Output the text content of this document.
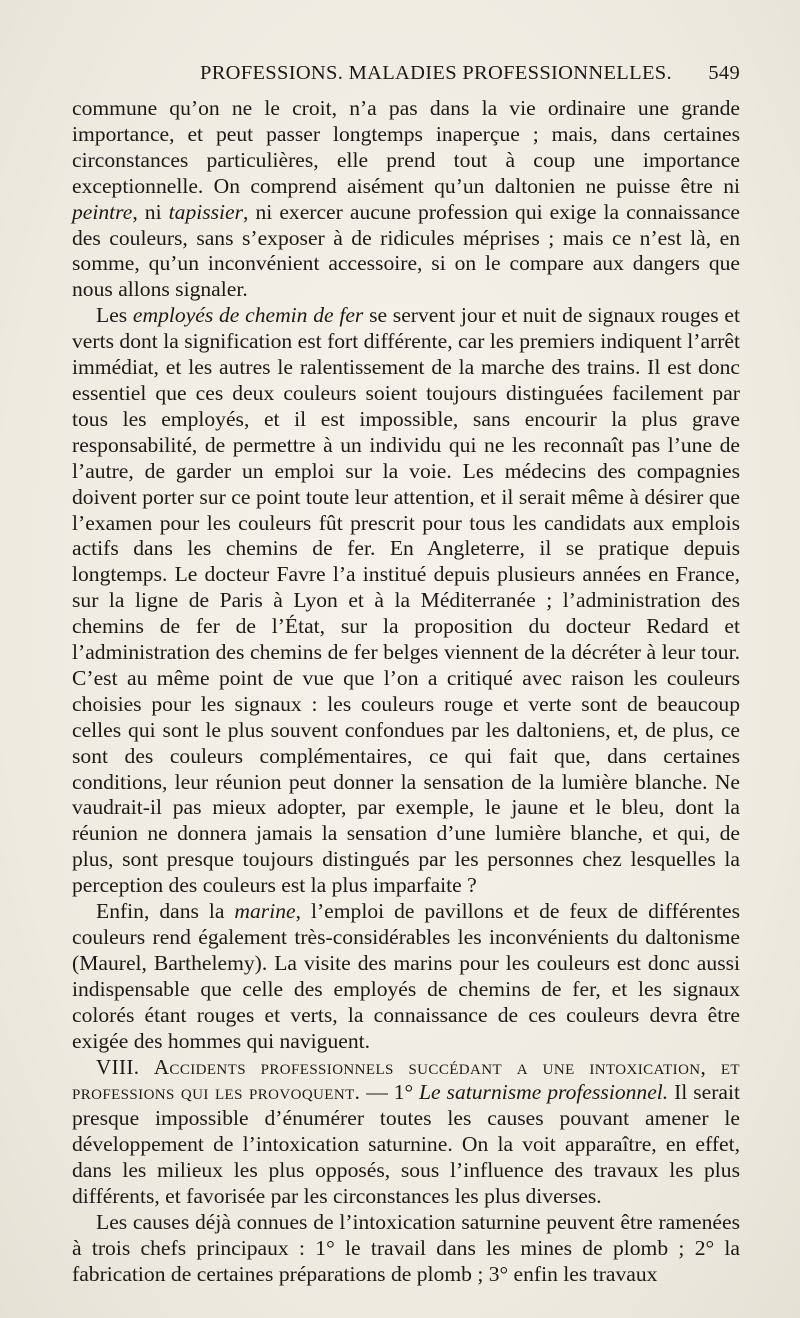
PROFESSIONS. MALADIES PROFESSIONNELLES. 549

commune qu’on ne le croit, n’a pas dans la vie ordinaire une grande importance, et peut passer longtemps inaperçue ; mais, dans certaines circonstances particulières, elle prend tout à coup une importance exceptionnelle. On comprend aisément qu’un daltonien ne puisse être ni peintre, ni tapissier, ni exercer aucune profession qui exige la connaissance des couleurs, sans s’exposer à de ridicules méprises ; mais ce n’est là, en somme, qu’un inconvénient accessoire, si on le compare aux dangers que nous allons signaler.

Les employés de chemin de fer se servent jour et nuit de signaux rouges et verts dont la signification est fort différente, car les premiers indiquent l’arrêt immédiat, et les autres le ralentissement de la marche des trains. Il est donc essentiel que ces deux couleurs soient toujours distinguées facilement par tous les employés, et il est impossible, sans encourir la plus grave responsabilité, de permettre à un individu qui ne les reconnaît pas l’une de l’autre, de garder un emploi sur la voie. Les médecins des compagnies doivent porter sur ce point toute leur attention, et il serait même à désirer que l’examen pour les couleurs fût prescrit pour tous les candidats aux emplois actifs dans les chemins de fer. En Angleterre, il se pratique depuis longtemps. Le docteur Favre l’a institué depuis plusieurs années en France, sur la ligne de Paris à Lyon et à la Méditerranée ; l’administration des chemins de fer de l’État, sur la proposition du docteur Redard et l’administration des chemins de fer belges viennent de la décréter à leur tour. C’est au même point de vue que l’on a critiqué avec raison les couleurs choisies pour les signaux : les couleurs rouge et verte sont de beaucoup celles qui sont le plus souvent confondues par les daltoniens, et, de plus, ce sont des couleurs complémentaires, ce qui fait que, dans certaines conditions, leur réunion peut donner la sensation de la lumière blanche. Ne vaudrait-il pas mieux adopter, par exemple, le jaune et le bleu, dont la réunion ne donnera jamais la sensation d’une lumière blanche, et qui, de plus, sont presque toujours distingués par les personnes chez lesquelles la perception des couleurs est la plus imparfaite ?

Enfin, dans la marine, l’emploi de pavillons et de feux de différentes couleurs rend également très-considérables les inconvénients du daltonisme (Maurel, Barthelemy). La visite des marins pour les couleurs est donc aussi indispensable que celle des employés de chemins de fer, et les signaux colorés étant rouges et verts, la connaissance de ces couleurs devra être exigée des hommes qui naviguent.

VIII. Accidents professionnels succédant a une intoxication, et professions qui les provoquent. — 1° Le saturnisme professionnel. Il serait presque impossible d’énumérer toutes les causes pouvant amener le développement de l’intoxication saturnine. On la voit apparaître, en effet, dans les milieux les plus opposés, sous l’influence des travaux les plus différents, et favorisée par les circonstances les plus diverses.

Les causes déjà connues de l’intoxication saturnine peuvent être ramenées à trois chefs principaux : 1° le travail dans les mines de plomb ; 2° la fabrication de certaines préparations de plomb ; 3° enfin les travaux
